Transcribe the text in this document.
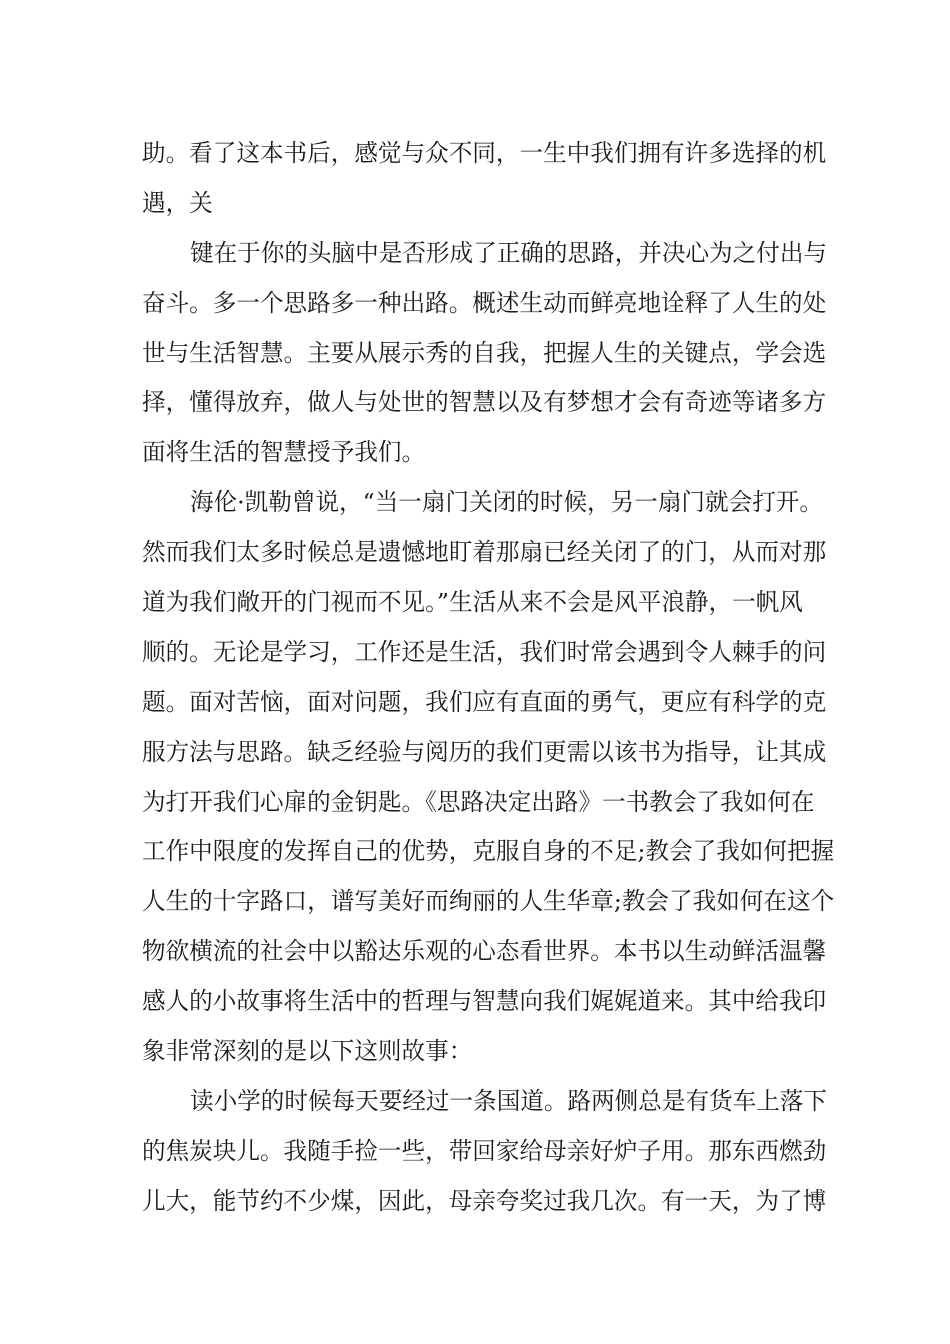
助。看了这本书后，感觉与众不同，一生中我们拥有许多选择的机
遇，关
键在于你的头脑中是否形成了正确的思路，并决心为之付出与
奋斗。多一个思路多一种出路。概述生动而鲜亮地诠释了人生的处
世与生活智慧。主要从展示秀的自我，把握人生的关键点，学会选
择，懂得放弃，做人与处世的智慧以及有梦想才会有奇迹等诸多方
面将生活的智慧授予我们。
海伦·凯勒曾说，“当一扇门关闭的时候，另一扇门就会打开。
然而我们太多时候总是遗憾地盯着那扇已经关闭了的门，从而对那
道为我们敞开的门视而不见。”生活从来不会是风平浪静，一帆风
顺的。无论是学习，工作还是生活，我们时常会遇到令人棘手的问
题。面对苦恼，面对问题，我们应有直面的勇气，更应有科学的克
服方法与思路。缺乏经验与阅历的我们更需以该书为指导，让其成
为打开我们心扉的金钥匙。《思路决定出路》一书教会了我如何在
工作中限度的发挥自己的优势，克服自身的不足;教会了我如何把握
人生的十字路口，谱写美好而绚丽的人生华章;教会了我如何在这个
物欲横流的社会中以豁达乐观的心态看世界。本书以生动鲜活温馨
感人的小故事将生活中的哲理与智慧向我们娓娓道来。其中给我印
象非常深刻的是以下这则故事：
读小学的时候每天要经过一条国道。路两侧总是有货车上落下
的焦炭块儿。我随手捡一些，带回家给母亲好炉子用。那东西燃劲
儿大，能节约不少煤，因此，母亲夸奖过我几次。有一天，为了博
